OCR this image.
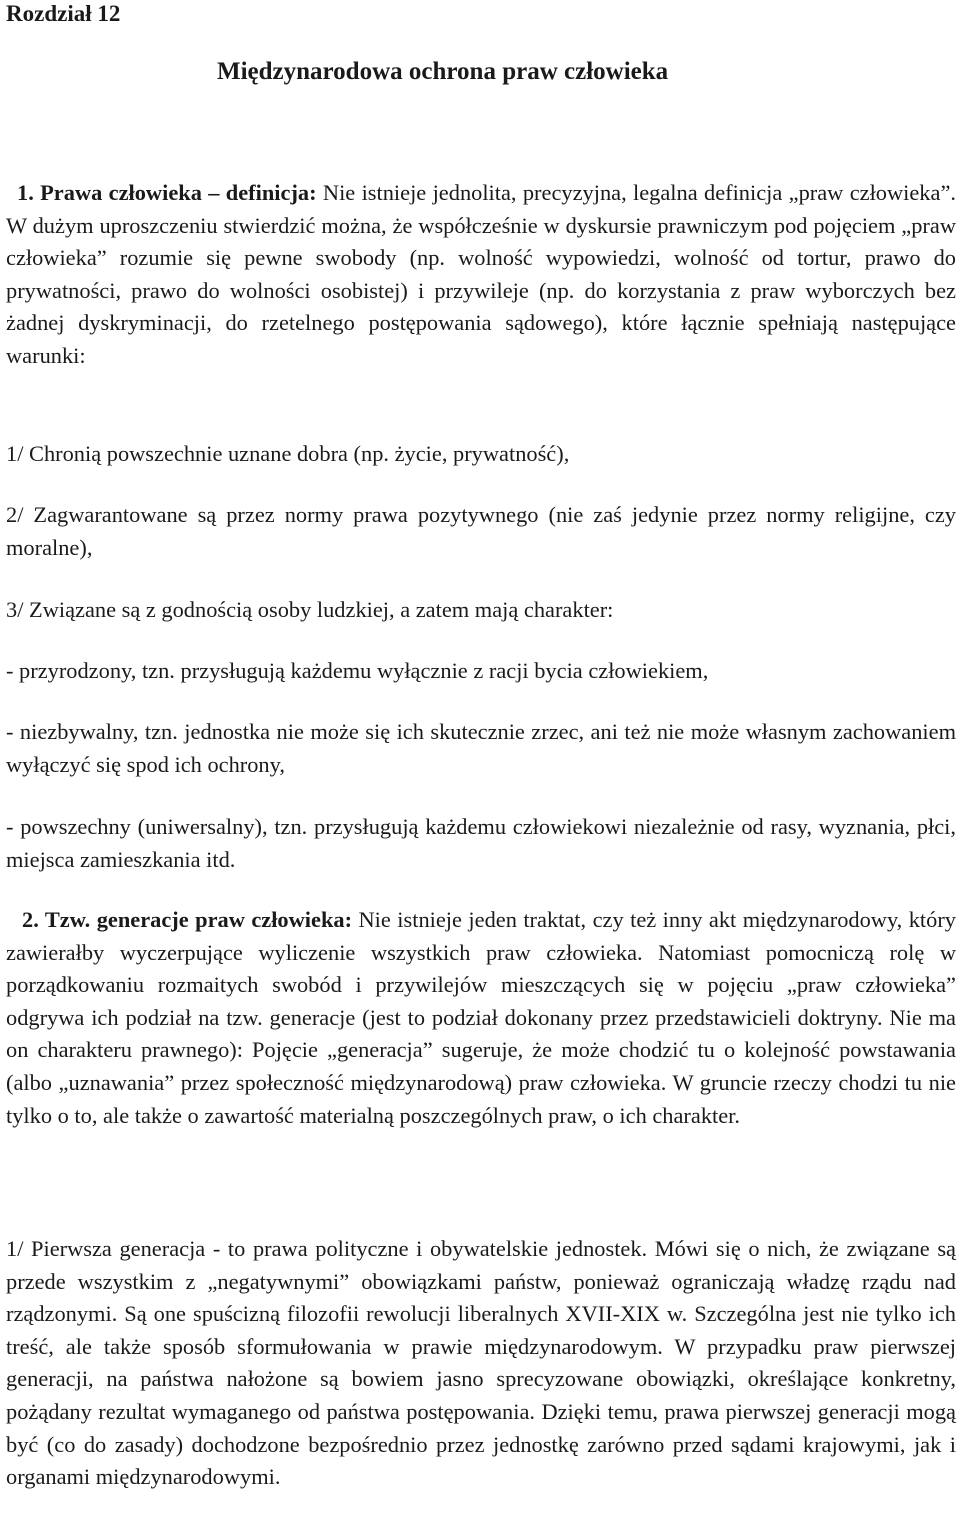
Rozdział 12
Międzynarodowa ochrona praw człowieka

1. Prawa człowieka – definicja: Nie istnieje jednolita, precyzyjna, legalna definicja „praw człowieka”. W dużym uproszczeniu stwierdzić można, że współcześnie w dyskursie prawniczym pod pojęciem „praw człowieka” rozumie się pewne swobody (np. wolność wypowiedzi, wolność od tortur, prawo do prywatności, prawo do wolności osobistej) i przywileje (np. do korzystania z praw wyborczych bez żadnej dyskryminacji, do rzetelnego postępowania sądowego), które łącznie spełniają następujące warunki:

1/ Chronią powszechnie uznane dobra (np. życie, prywatność),

2/ Zagwarantowane są przez normy prawa pozytywnego (nie zaś jedynie przez normy religijne, czy moralne),

3/ Związane są z godnością osoby ludzkiej, a zatem mają charakter:

- przyrodzony, tzn. przysługują każdemu wyłącznie z racji bycia człowiekiem,

- niezbywalny, tzn. jednostka nie może się ich skutecznie zrzec, ani też nie może własnym zachowaniem wyłączyć się spod ich ochrony,

- powszechny (uniwersalny), tzn. przysługują każdemu człowiekowi niezależnie od rasy, wyznania, płci, miejsca zamieszkania itd.

2. Tzw. generacje praw człowieka: Nie istnieje jeden traktat, czy też inny akt międzynarodowy, który zawierałby wyczerpujące wyliczenie wszystkich praw człowieka. Natomiast pomocniczą rolę w porządkowaniu rozmaitych swobód i przywilejów mieszczących się w pojęciu „praw człowieka” odgrywa ich podział na tzw. generacje (jest to podział dokonany przez przedstawicieli doktryny. Nie ma on charakteru prawnego): Pojęcie „generacja” sugeruje, że może chodzić tu o kolejność powstawania (albo „uznawania” przez społeczność międzynarodową) praw człowieka. W gruncie rzeczy chodzi tu nie tylko o to, ale także o zawartość materialną poszczególnych praw, o ich charakter.

1/ Pierwsza generacja - to prawa polityczne i obywatelskie jednostek. Mówi się o nich, że związane są przede wszystkim z „negatywnymi” obowiązkami państw, ponieważ ograniczają władzę rządu nad rządzonymi. Są one spuścizną filozofii rewolucji liberalnych XVII-XIX w. Szczególna jest nie tylko ich treść, ale także sposób sformułowania w prawie międzynarodowym. W przypadku praw pierwszej generacji, na państwa nałożone są bowiem jasno sprecyzowane obowiązki, określające konkretny, pożądany rezultat wymaganego od państwa postępowania. Dzięki temu, prawa pierwszej generacji mogą być (co do zasady) dochodzone bezpośrednio przez jednostkę zarówno przed sądami krajowymi, jak i organami międzynarodowymi.
